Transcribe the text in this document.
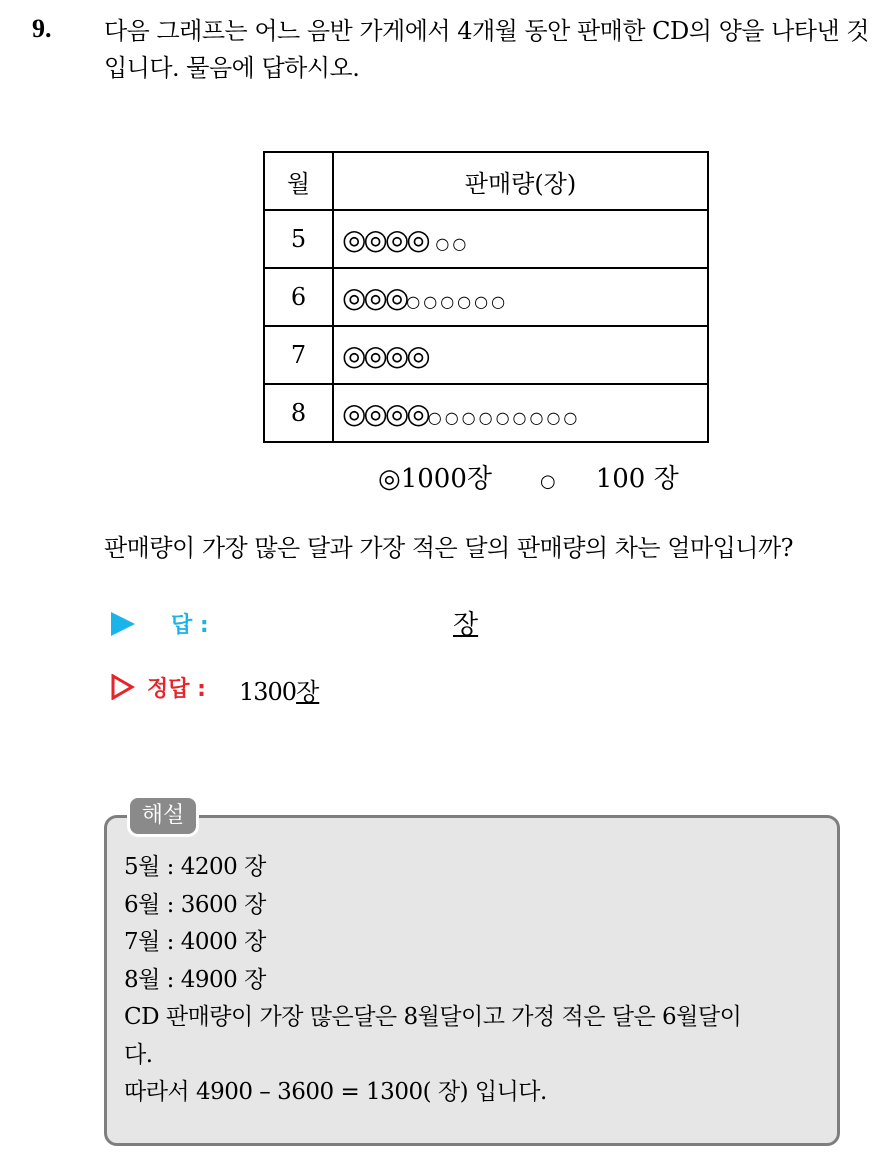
9. 다음 그래프는 어느 음반 가게에서 4개월 동안 판매한 CD의 양을 나타낸 것입니다. 물음에 답하시오.
월	판매량(장)
5	◎◎◎◎ ○○
6	◎◎◎○○○○○○
7	◎◎◎◎
8	◎◎◎◎○○○○○○○○○
◎1000장	○ 100 장
판매량이 가장 많은 달과 가장 적은 달의 판매량의 차는 얼마입니까?
답 :	장
정답 : 1300장
해설
5월 : 4200 장
6월 : 3600 장
7월 : 4000 장
8월 : 4900 장
CD 판매량이 가장 많은달은 8월달이고 가정 적은 달은 6월달이
다.
따라서 4900 – 3600 = 1300( 장) 입니다.
